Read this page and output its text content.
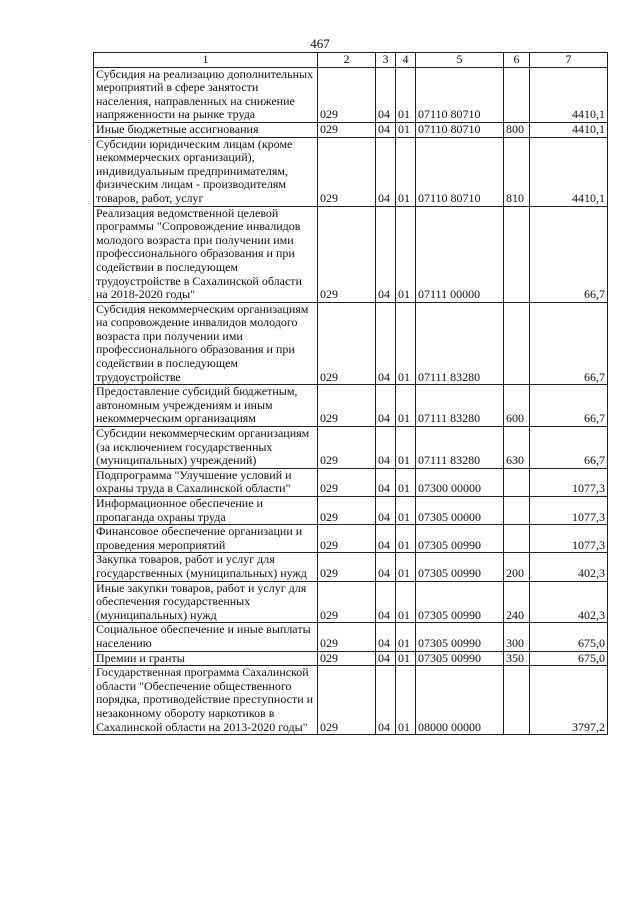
467
1	2	3	4	5	6	7
Субсидия на реализацию дополнительных мероприятий в сфере занятости населения, направленных на снижение напряженности на рынке труда	029	04	01	07110 80710		4410,1
Иные бюджетные ассигнования	029	04	01	07110 80710	800	4410,1
Субсидии юридическим лицам (кроме некоммерческих организаций), индивидуальным предпринимателям, физическим лицам - производителям товаров, работ, услуг	029	04	01	07110 80710	810	4410,1
Реализация ведомственной целевой программы "Сопровождение инвалидов молодого возраста при получении ими профессионального образования и при содействии в последующем трудоустройстве в Сахалинской области на 2018-2020 годы"	029	04	01	07111 00000		66,7
Субсидия некоммерческим организациям на сопровождение инвалидов молодого возраста при получении ими профессионального образования и при содействии в последующем трудоустройстве	029	04	01	07111 83280		66,7
Предоставление субсидий бюджетным, автономным учреждениям и иным некоммерческим организациям	029	04	01	07111 83280	600	66,7
Субсидии некоммерческим организациям (за исключением государственных (муниципальных) учреждений)	029	04	01	07111 83280	630	66,7
Подпрограмма "Улучшение условий и охраны труда в Сахалинской области"	029	04	01	07300 00000		1077,3
Информационное обеспечение и пропаганда охраны труда	029	04	01	07305 00000		1077,3
Финансовое обеспечение организации и проведения мероприятий	029	04	01	07305 00990		1077,3
Закупка товаров, работ и услуг для государственных (муниципальных) нужд	029	04	01	07305 00990	200	402,3
Иные закупки товаров, работ и услуг для обеспечения государственных (муниципальных) нужд	029	04	01	07305 00990	240	402,3
Социальное обеспечение и иные выплаты населению	029	04	01	07305 00990	300	675,0
Премии и гранты	029	04	01	07305 00990	350	675,0
Государственная программа Сахалинской области "Обеспечение общественного порядка, противодействие преступности и незаконному обороту наркотиков в Сахалинской области на 2013-2020 годы"	029	04	01	08000 00000		3797,2
